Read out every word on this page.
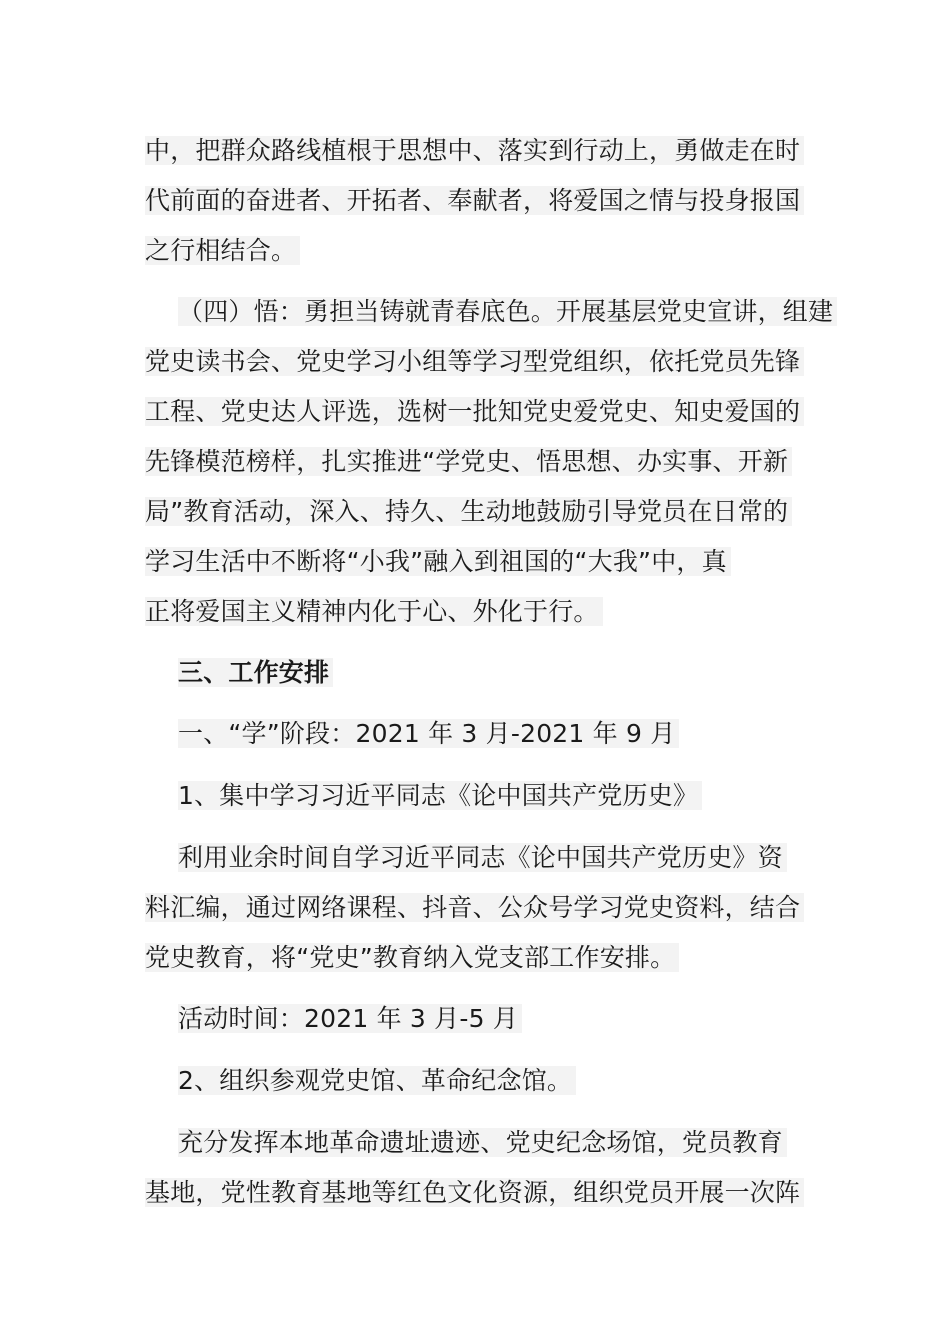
中，把群众路线植根于思想中、落实到行动上，勇做走在时
代前面的奋进者、开拓者、奉献者，将爱国之情与投身报国
之行相结合。
（四）悟：勇担当铸就青春底色。开展基层党史宣讲，组建
党史读书会、党史学习小组等学习型党组织，依托党员先锋
工程、党史达人评选，选树一批知党史爱党史、知史爱国的
先锋模范榜样，扎实推进“学党史、悟思想、办实事、开新
局”教育活动，深入、持久、生动地鼓励引导党员在日常的
学习生活中不断将“小我”融入到祖国的“大我”中，真
正将爱国主义精神内化于心、外化于行。
三、工作安排
一、“学”阶段：2021 年 3 月-2021 年 9 月
1、集中学习习近平同志《论中国共产党历史》
利用业余时间自学习近平同志《论中国共产党历史》资
料汇编，通过网络课程、抖音、公众号学习党史资料，结合
党史教育，将“党史”教育纳入党支部工作安排。
活动时间：2021 年 3 月-5 月
2、组织参观党史馆、革命纪念馆。
充分发挥本地革命遗址遗迹、党史纪念场馆，党员教育
基地，党性教育基地等红色文化资源，组织党员开展一次阵
